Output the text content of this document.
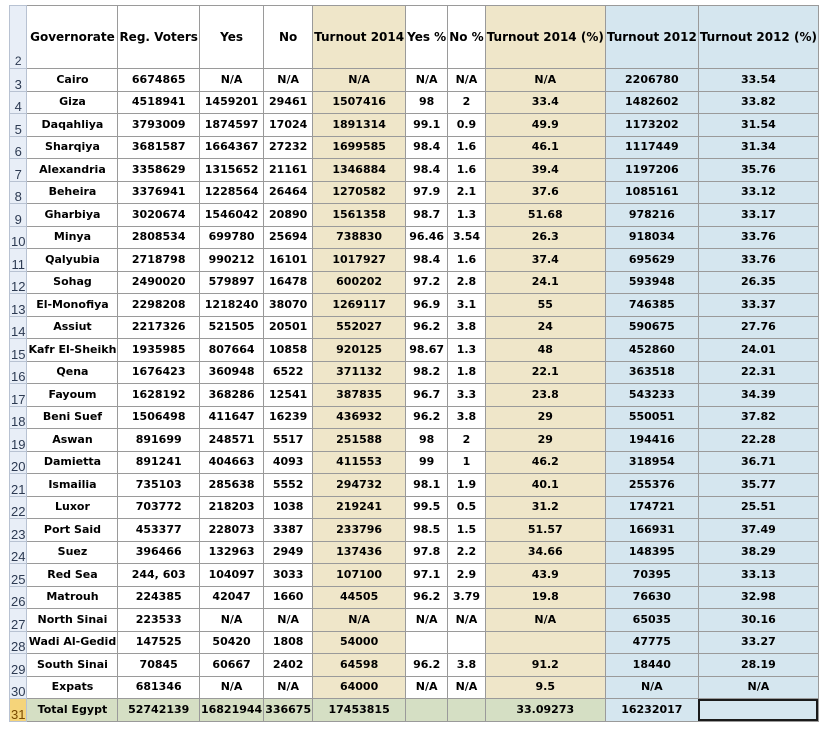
2	Governorate	Reg. Voters	Yes	No	Turnout 2014	Yes %	No %	Turnout 2014 (%)	Turnout 2012	Turnout 2012 (%)
3	Cairo	6674865	N/A	N/A	N/A	N/A	N/A	N/A	2206780	33.54
4	Giza	4518941	1459201	29461	1507416	98	2	33.4	1482602	33.82
5	Daqahliya	3793009	1874597	17024	1891314	99.1	0.9	49.9	1173202	31.54
6	Sharqiya	3681587	1664367	27232	1699585	98.4	1.6	46.1	1117449	31.34
7	Alexandria	3358629	1315652	21161	1346884	98.4	1.6	39.4	1197206	35.76
8	Beheira	3376941	1228564	26464	1270582	97.9	2.1	37.6	1085161	33.12
9	Gharbiya	3020674	1546042	20890	1561358	98.7	1.3	51.68	978216	33.17
10	Minya	2808534	699780	25694	738830	96.46	3.54	26.3	918034	33.76
11	Qalyubia	2718798	990212	16101	1017927	98.4	1.6	37.4	695629	33.76
12	Sohag	2490020	579897	16478	600202	97.2	2.8	24.1	593948	26.35
13	El-Monofiya	2298208	1218240	38070	1269117	96.9	3.1	55	746385	33.37
14	Assiut	2217326	521505	20501	552027	96.2	3.8	24	590675	27.76
15	Kafr El-Sheikh	1935985	807664	10858	920125	98.67	1.3	48	452860	24.01
16	Qena	1676423	360948	6522	371132	98.2	1.8	22.1	363518	22.31
17	Fayoum	1628192	368286	12541	387835	96.7	3.3	23.8	543233	34.39
18	Beni Suef	1506498	411647	16239	436932	96.2	3.8	29	550051	37.82
19	Aswan	891699	248571	5517	251588	98	2	29	194416	22.28
20	Damietta	891241	404663	4093	411553	99	1	46.2	318954	36.71
21	Ismailia	735103	285638	5552	294732	98.1	1.9	40.1	255376	35.77
22	Luxor	703772	218203	1038	219241	99.5	0.5	31.2	174721	25.51
23	Port Said	453377	228073	3387	233796	98.5	1.5	51.57	166931	37.49
24	Suez	396466	132963	2949	137436	97.8	2.2	34.66	148395	38.29
25	Red Sea	244, 603	104097	3033	107100	97.1	2.9	43.9	70395	33.13
26	Matrouh	224385	42047	1660	44505	96.2	3.79	19.8	76630	32.98
27	North Sinai	223533	N/A	N/A	N/A	N/A	N/A	N/A	65035	30.16
28	Wadi Al-Gedid	147525	50420	1808	54000				47775	33.27
29	South Sinai	70845	60667	2402	64598	96.2	3.8	91.2	18440	28.19
30	Expats	681346	N/A	N/A	64000	N/A	N/A	9.5	N/A	N/A
31	Total Egypt	52742139	16821944	336675	17453815			33.09273	16232017	
